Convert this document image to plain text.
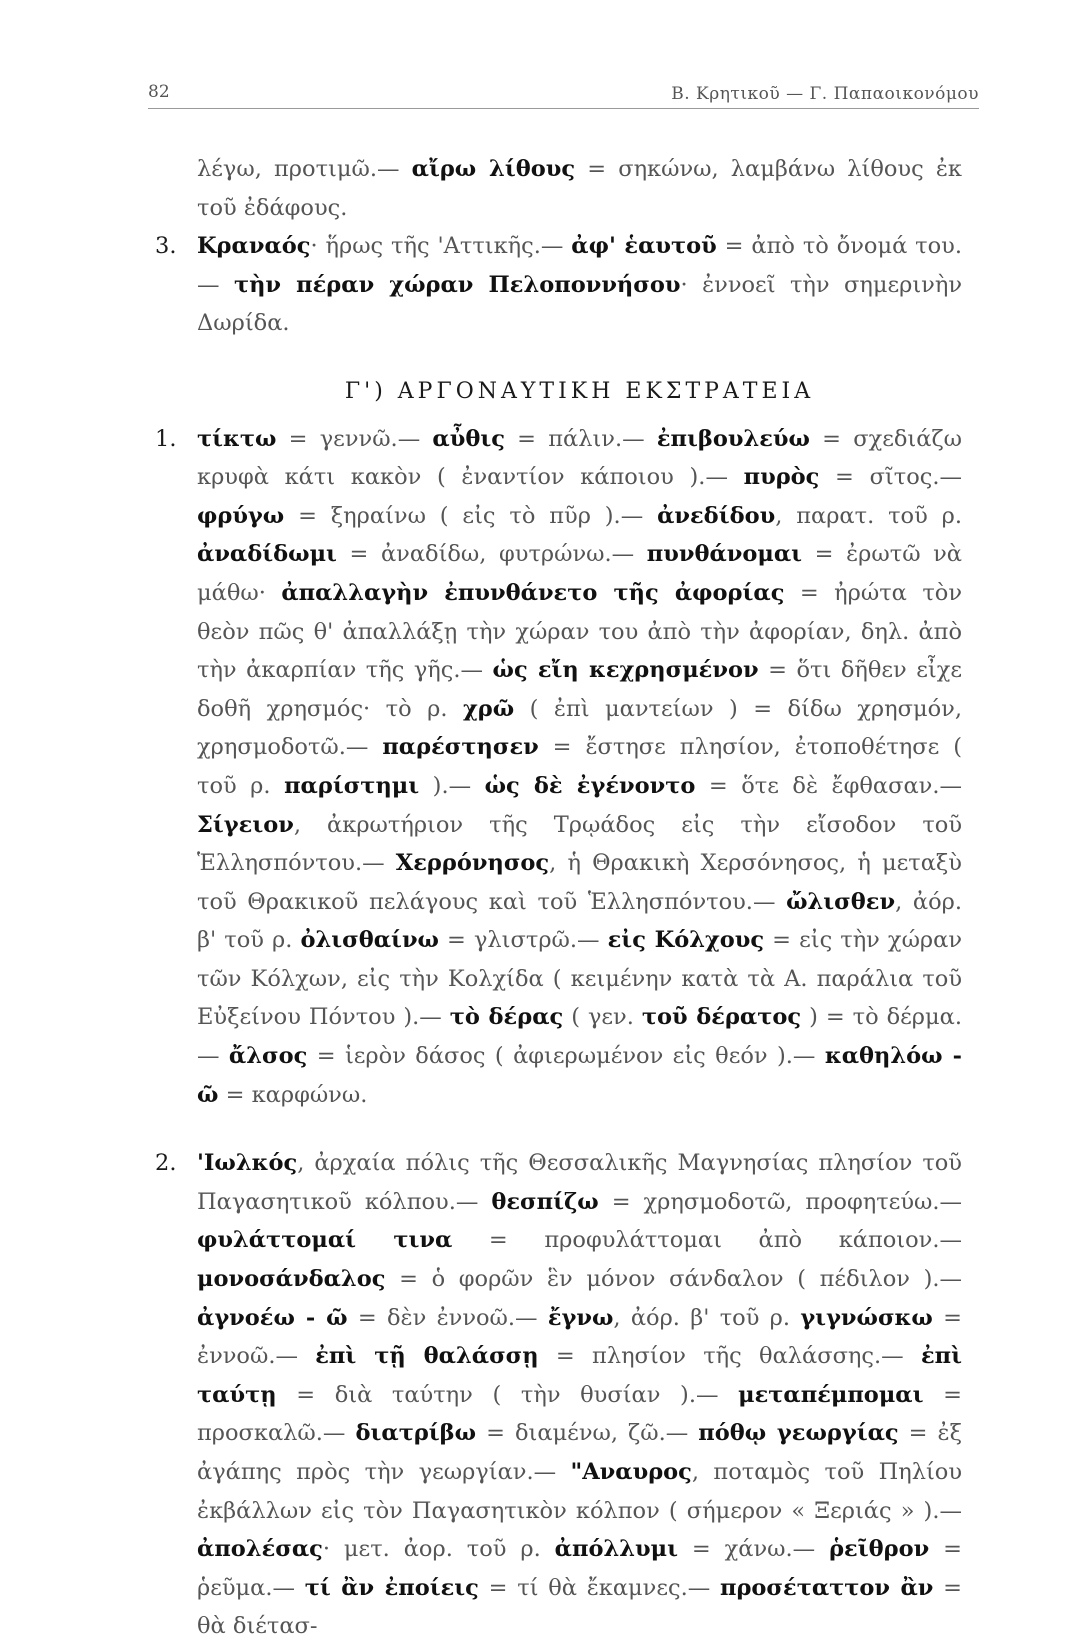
82	Β. Κρητικοῦ — Γ. Παπαοικονόμου

λέγω, προτιμῶ.— αἴρω λίθους = σηκώνω, λαμβάνω λίθους ἐκ τοῦ ἐδάφους.

3. Κραναός· ἥρως τῆς 'Αττικῆς.— ἀφ' ἑαυτοῦ = ἀπὸ τὸ ὄνομά του.— τὴν πέραν χώραν Πελοποννήσου· ἐννοεῖ τὴν σημερινὴν Δωρίδα.

Γ') ΑΡΓΟΝΑΥΤΙΚΗ ΕΚΣΤΡΑΤΕΙΑ

1. τίκτω = γεννῶ.— αὖθις = πάλιν.— ἐπιβουλεύω = σχεδιάζω κρυφὰ κάτι κακὸν ( ἐναντίον κάποιου ).— πυρὸς = σῖτος.— φρύγω = ξηραίνω ( εἰς τὸ πῦρ ).— ἀνεδίδου, παρατ. τοῦ ρ. ἀναδίδωμι = ἀναδίδω, φυτρώνω.— πυνθάνομαι = ἐρωτῶ νὰ μάθω· ἀπαλλαγὴν ἐπυνθάνετο τῆς ἀφορίας = ἠρώτα τὸν θεὸν πῶς θ' ἀπαλλάξῃ τὴν χώραν του ἀπὸ τὴν ἀφορίαν, δηλ. ἀπὸ τὴν ἀκαρπίαν τῆς γῆς.— ὡς εἴη κεχρησμένον = ὅτι δῆθεν εἶχε δοθῆ χρησμός· τὸ ρ. χρῶ ( ἐπὶ μαντείων ) = δίδω χρησμόν, χρησμοδοτῶ.— παρέστησεν = ἔστησε πλησίον, ἐτοποθέτησε ( τοῦ ρ. παρίστημι ).— ὡς δὲ ἐγένοντο = ὅτε δὲ ἔφθασαν.— Σίγειον, ἀκρωτήριον τῆς Τρῳάδος εἰς τὴν εἴσοδον τοῦ Ἑλλησπόντου.— Χερρόνησος, ἡ Θρακικὴ Χερσόνησος, ἡ μεταξὺ τοῦ Θρακικοῦ πελάγους καὶ τοῦ Ἑλλησπόντου.— ὤλισθεν, ἀόρ. β' τοῦ ρ. ὀλισθαίνω = γλιστρῶ.— εἰς Κόλχους = εἰς τὴν χώραν τῶν Κόλχων, εἰς τὴν Κολχίδα ( κειμένην κατὰ τὰ Α. παράλια τοῦ Εὐξείνου Πόντου ).— τὸ δέρας ( γεν. τοῦ δέρατος ) = τὸ δέρμα.— ἄλσος = ἱερὸν δάσος ( ἀφιερωμένον εἰς θεόν ).— καθηλόω - ῶ = καρφώνω.

2. 'Ιωλκός, ἀρχαία πόλις τῆς Θεσσαλικῆς Μαγνησίας πλησίον τοῦ Παγασητικοῦ κόλπου.— θεσπίζω = χρησμοδοτῶ, προφητεύω.— φυλάττομαί τινα = προφυλάττομαι ἀπὸ κάποιον.— μονοσάνδαλος = ὁ φορῶν ἓν μόνον σάνδαλον ( πέδιλον ).— ἀγνοέω - ῶ = δὲν ἐννοῶ.— ἔγνω, ἀόρ. β' τοῦ ρ. γιγνώσκω = ἐννοῶ.— ἐπὶ τῇ θαλάσσῃ = πλησίον τῆς θαλάσσης.— ἐπὶ ταύτῃ = διὰ ταύτην ( τὴν θυσίαν ).— μεταπέμπομαι = προσκαλῶ.— διατρίβω = διαμένω, ζῶ.— πόθῳ γεωργίας = ἐξ ἀγάπης πρὸς τὴν γεωργίαν.— "Αναυρος, ποταμὸς τοῦ Πηλίου ἐκβάλλων εἰς τὸν Παγασητικὸν κόλπον ( σήμερον « Ξεριάς » ).— ἀπολέσας· μετ. ἀορ. τοῦ ρ. ἀπόλλυμι = χάνω.— ῥεῖθρον = ῥεῦμα.— τί ἂν ἐποίεις = τί θὰ ἔκαμνες.— προσέταττον ἂν = θὰ διέτασ-
